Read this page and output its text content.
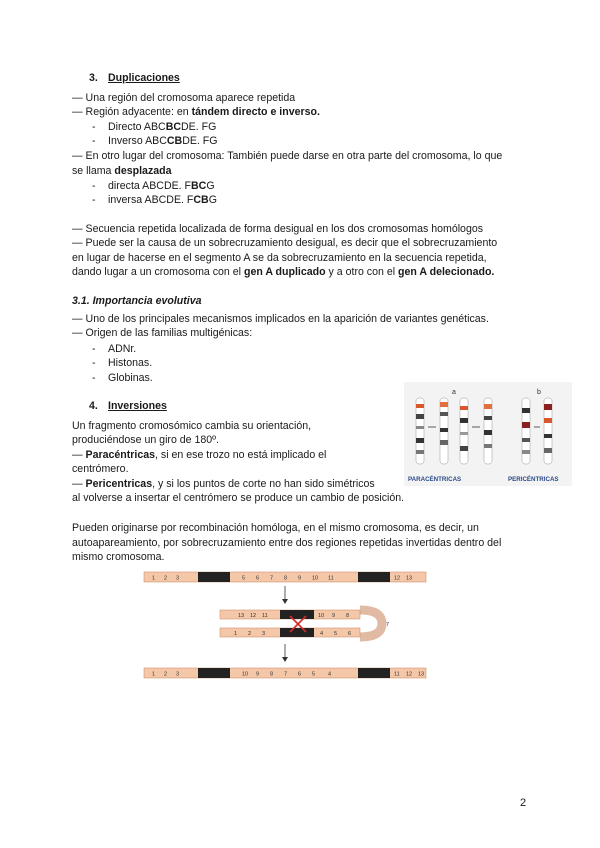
3. Duplicaciones
— Una región del cromosoma aparece repetida
— Región adyacente: en tándem directo e inverso.
- Directo ABCBCDE. FG
- Inverso ABCCBDE. FG
— En otro lugar del cromosoma: También puede darse en otra parte del cromosoma, lo que
se llama desplazada
- directa ABCDE. FBCG
- inversa ABCDE. FCBG
— Secuencia repetida localizada de forma desigual en los dos cromosomas homólogos
— Puede ser la causa de un sobrecruzamiento desigual, es decir que el sobrecruzamiento
en lugar de hacerse en el segmento A se da sobrecruzamiento en la secuencia repetida,
dando lugar a un cromosoma con el gen A duplicado y a otro con el gen A delecionado.
3.1. Importancia evolutiva
— Uno de los principales mecanismos implicados en la aparición de variantes genéticas.
— Origen de las familias multigénicas:
- ADNr.
- Histonas.
- Globinas.
4. Inversiones
Un fragmento cromosómico cambia su orientación,
produciéndose un giro de 180º.
— Paracéntricas, si en ese trozo no está implicado el
centrómero.
— Pericentricas, y si los puntos de corte no han sido simétricos
al volverse a insertar el centrómero se produce un cambio de posición.
Pueden originarse por recombinación homóloga, en el mismo cromosoma, es decir, un
autoapareamiento, por sobrecruzamiento entre dos regiones repetidas invertidas dentro del
mismo cromosoma.
a	b
PARACÉNTRICAS	PERICÉNTRICAS
1 2 3	5 6 7 8 9 10 11	12 13
13 12 11	10 9 8
1 2 3	4 5 6
7
1 2 3	10 9 8 7 6 5 4	11 12 13
2
